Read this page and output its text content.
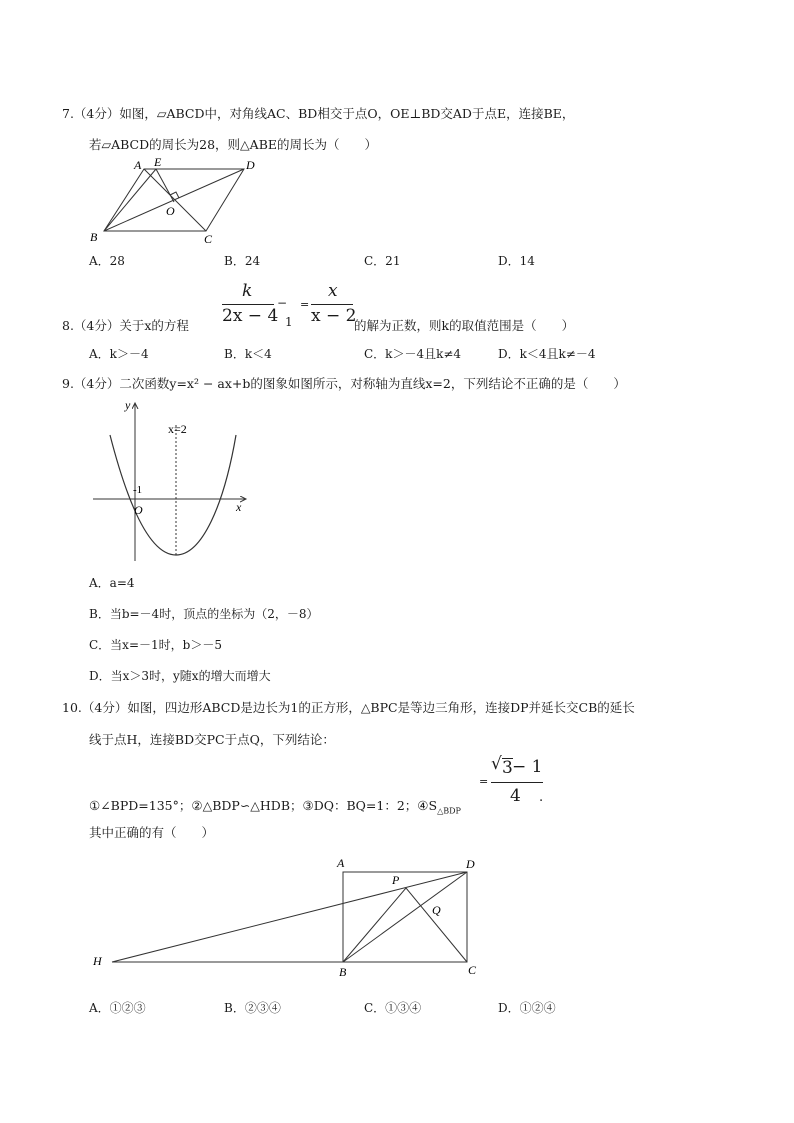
7.（4分）如图，▱ABCD中，对角线AC、BD相交于点O，OE⊥BD交AD于点E，连接BE，
若▱ABCD的周长为28，则△ABE的周长为（　　）
A E	D
O
B	C
A．28	B．24	C．21	D．14
8.（4分）关于x的方程
k
2x − 4
−
1
=
x
x − 2
的解为正数，则k的取值范围是（　　）
A．k＞－4	B．k＜4	C．k＞－4且k≠4	D．k＜4且k≠－4
9.（4分）二次函数y=x² − ax+b的图象如图所示，对称轴为直线x=2，下列结论不正确的是（　　）
y
x
x=2
-1
O
A．a=4
B．当b=－4时，顶点的坐标为（2，－8）
C．当x=－1时，b＞－5
D．当x＞3时，y随x的增大而增大
10.（4分）如图，四边形ABCD是边长为1的正方形，△BPC是等边三角形，连接DP并延长交CB的延长
线于点H，连接BD交PC于点Q，下列结论：
=
√ 3 − 1
4 .
①∠BPD=135°；②△BDP∽△HDB；③DQ：BQ=1：2；$④S_{\triangle BDP}$
其中正确的有（　　）
A	D
P
Q
H
B	C
A．①②③	B．②③④	C．①③④	D．①②④
